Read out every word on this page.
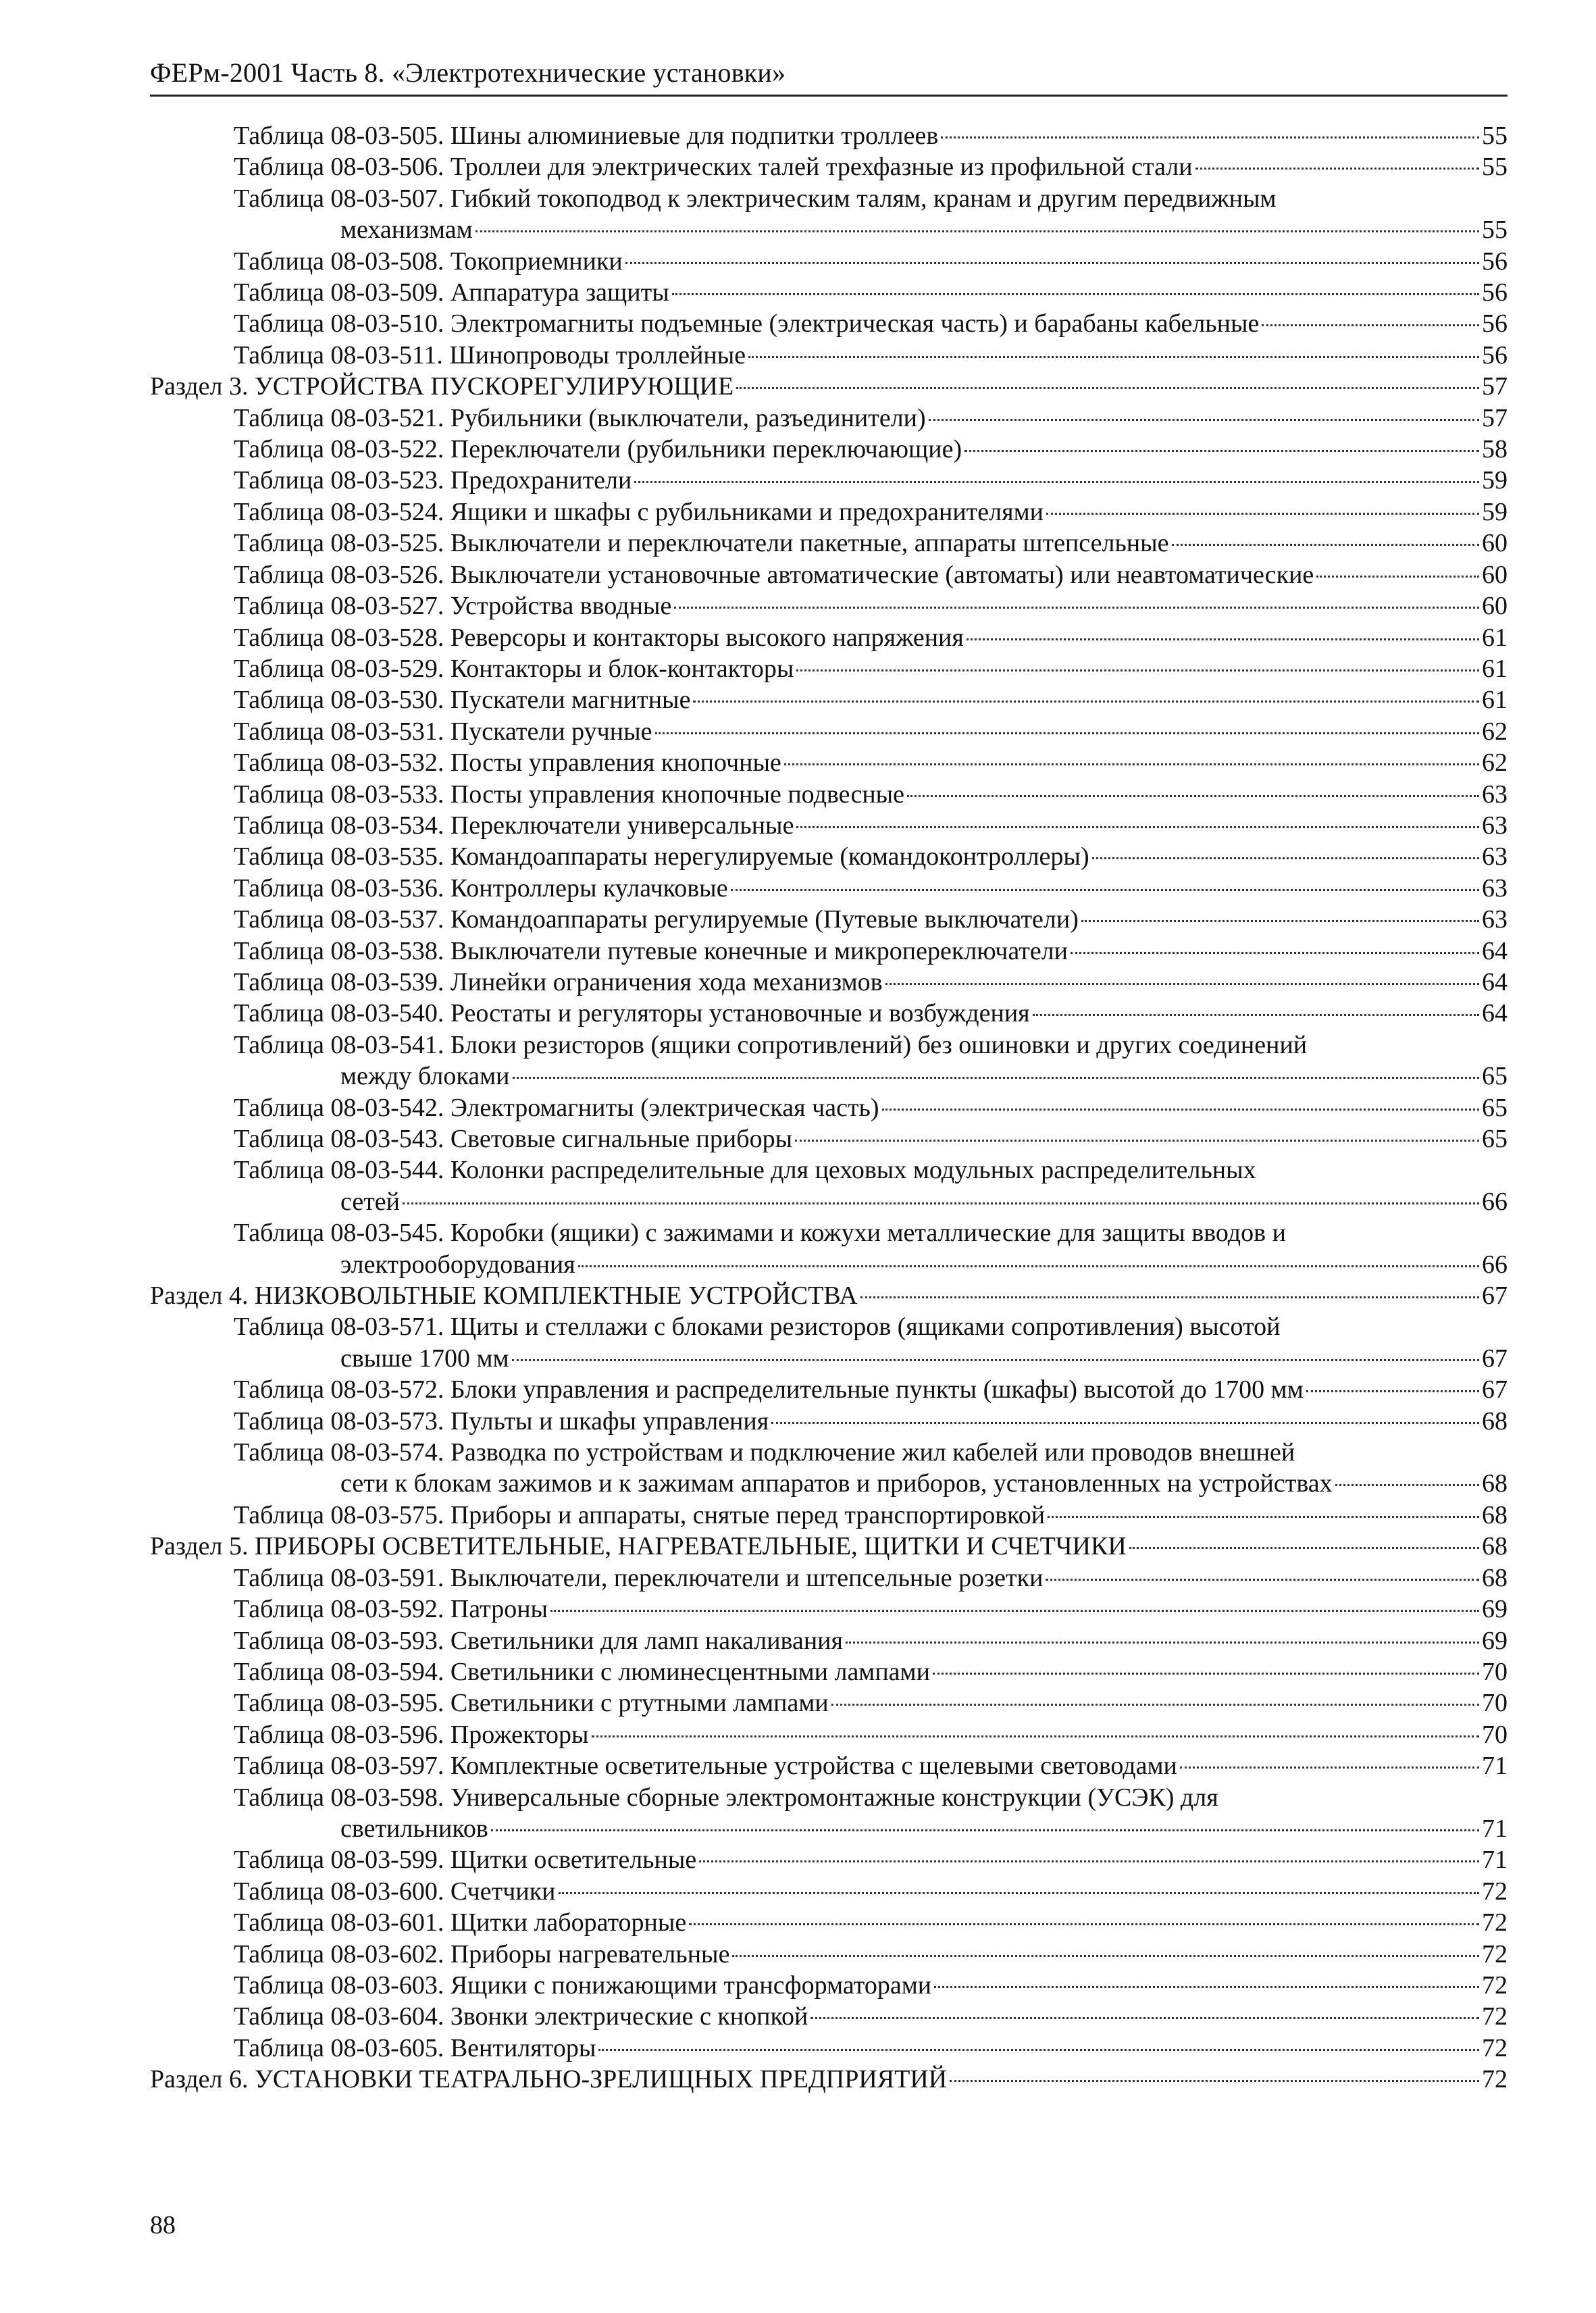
ФЕРм-2001 Часть 8. «Электротехнические установки»
Таблица 08-03-505. Шины алюминиевые для подпитки троллеев	55
Таблица 08-03-506. Троллеи для электрических талей трехфазные из профильной стали	55
Таблица 08-03-507. Гибкий токоподвод к электрическим талям, кранам и другим передвижным
механизмам	55
Таблица 08-03-508. Токоприемники	56
Таблица 08-03-509. Аппаратура защиты	56
Таблица 08-03-510. Электромагниты подъемные (электрическая часть) и барабаны кабельные	56
Таблица 08-03-511. Шинопроводы троллейные	56
Раздел 3. УСТРОЙСТВА ПУСКОРЕГУЛИРУЮЩИЕ	57
Таблица 08-03-521. Рубильники (выключатели, разъединители)	57
Таблица 08-03-522. Переключатели (рубильники переключающие)	58
Таблица 08-03-523. Предохранители	59
Таблица 08-03-524. Ящики и шкафы с рубильниками и предохранителями	59
Таблица 08-03-525. Выключатели и переключатели пакетные, аппараты штепсельные	60
Таблица 08-03-526. Выключатели установочные автоматические (автоматы) или неавтоматические	60
Таблица 08-03-527. Устройства вводные	60
Таблица 08-03-528. Реверсоры и контакторы высокого напряжения	61
Таблица 08-03-529. Контакторы и блок-контакторы	61
Таблица 08-03-530. Пускатели магнитные	61
Таблица 08-03-531. Пускатели ручные	62
Таблица 08-03-532. Посты управления кнопочные	62
Таблица 08-03-533. Посты управления кнопочные подвесные	63
Таблица 08-03-534. Переключатели универсальные	63
Таблица 08-03-535. Командоаппараты нерегулируемые (командоконтроллеры)	63
Таблица 08-03-536. Контроллеры кулачковые	63
Таблица 08-03-537. Командоаппараты регулируемые (Путевые выключатели)	63
Таблица 08-03-538. Выключатели путевые конечные и микропереключатели	64
Таблица 08-03-539. Линейки ограничения хода механизмов	64
Таблица 08-03-540. Реостаты и регуляторы установочные и возбуждения	64
Таблица 08-03-541. Блоки резисторов (ящики сопротивлений) без ошиновки и других соединений
между блоками	65
Таблица 08-03-542. Электромагниты (электрическая часть)	65
Таблица 08-03-543. Световые сигнальные приборы	65
Таблица 08-03-544. Колонки распределительные для цеховых модульных распределительных
сетей	66
Таблица 08-03-545. Коробки (ящики) с зажимами и кожухи металлические для защиты вводов и
электрооборудования	66
Раздел 4. НИЗКОВОЛЬТНЫЕ КОМПЛЕКТНЫЕ УСТРОЙСТВА	67
Таблица 08-03-571. Щиты и стеллажи с блоками резисторов (ящиками сопротивления) высотой
свыше 1700 мм	67
Таблица 08-03-572. Блоки управления и распределительные пункты (шкафы) высотой до 1700 мм	67
Таблица 08-03-573. Пульты и шкафы управления	68
Таблица 08-03-574. Разводка по устройствам и подключение жил кабелей или проводов внешней
сети к блокам зажимов и к зажимам аппаратов и приборов, установленных на устройствах	68
Таблица 08-03-575. Приборы и аппараты, снятые перед транспортировкой	68
Раздел 5. ПРИБОРЫ ОСВЕТИТЕЛЬНЫЕ, НАГРЕВАТЕЛЬНЫЕ, ЩИТКИ И СЧЕТЧИКИ	68
Таблица 08-03-591. Выключатели, переключатели и штепсельные розетки	68
Таблица 08-03-592. Патроны	69
Таблица 08-03-593. Светильники для ламп накаливания	69
Таблица 08-03-594. Светильники с люминесцентными лампами	70
Таблица 08-03-595. Светильники с ртутными лампами	70
Таблица 08-03-596. Прожекторы	70
Таблица 08-03-597. Комплектные осветительные устройства с щелевыми световодами	71
Таблица 08-03-598. Универсальные сборные электромонтажные конструкции (УСЭК) для
светильников	71
Таблица 08-03-599. Щитки осветительные	71
Таблица 08-03-600. Счетчики	72
Таблица 08-03-601. Щитки лабораторные	72
Таблица 08-03-602. Приборы нагревательные	72
Таблица 08-03-603. Ящики с понижающими трансформаторами	72
Таблица 08-03-604. Звонки электрические с кнопкой	72
Таблица 08-03-605. Вентиляторы	72
Раздел 6. УСТАНОВКИ ТЕАТРАЛЬНО-ЗРЕЛИЩНЫХ ПРЕДПРИЯТИЙ	72
88
